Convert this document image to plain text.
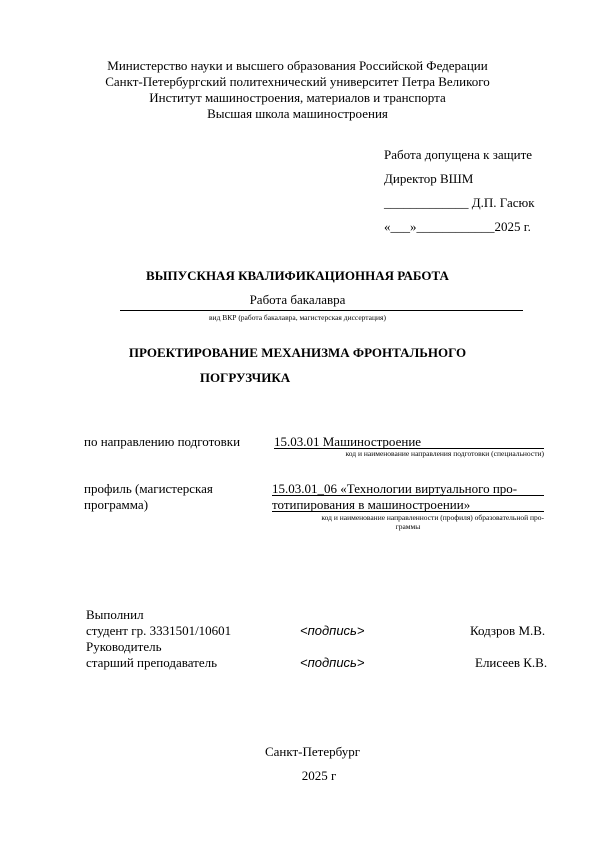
Министерство науки и высшего образования Российской Федерации
Санкт-Петербургский политехнический университет Петра Великого
Институт машиностроения, материалов и транспорта
Высшая школа машиностроения
Работа допущена к защите
Директор ВШМ
_____________ Д.П. Гасюк
«___»____________2025 г.
ВЫПУСКНАЯ КВАЛИФИКАЦИОННАЯ РАБОТА
Работа бакалавра
вид ВКР (работа бакалавра, магистерская диссертация)
ПРОЕКТИРОВАНИЕ МЕХАНИЗМА ФРОНТАЛЬНОГО
ПОГРУЗЧИКА
по направлению подготовки	15.03.01 Машиностроение
код и наименование направления подготовки (специальности)
профиль (магистерская
программа)
15.03.01_06 «Технологии виртуального про-
тотипирования в машиностроении»
код и наименование направленности (профиля) образовательной про-
граммы
Выполнил
студент гр. 3331501/10601	<подпись>	Кодзров М.В.
Руководитель
старший преподаватель	<подпись>	Елисеев К.В.
Санкт-Петербург
2025 г
